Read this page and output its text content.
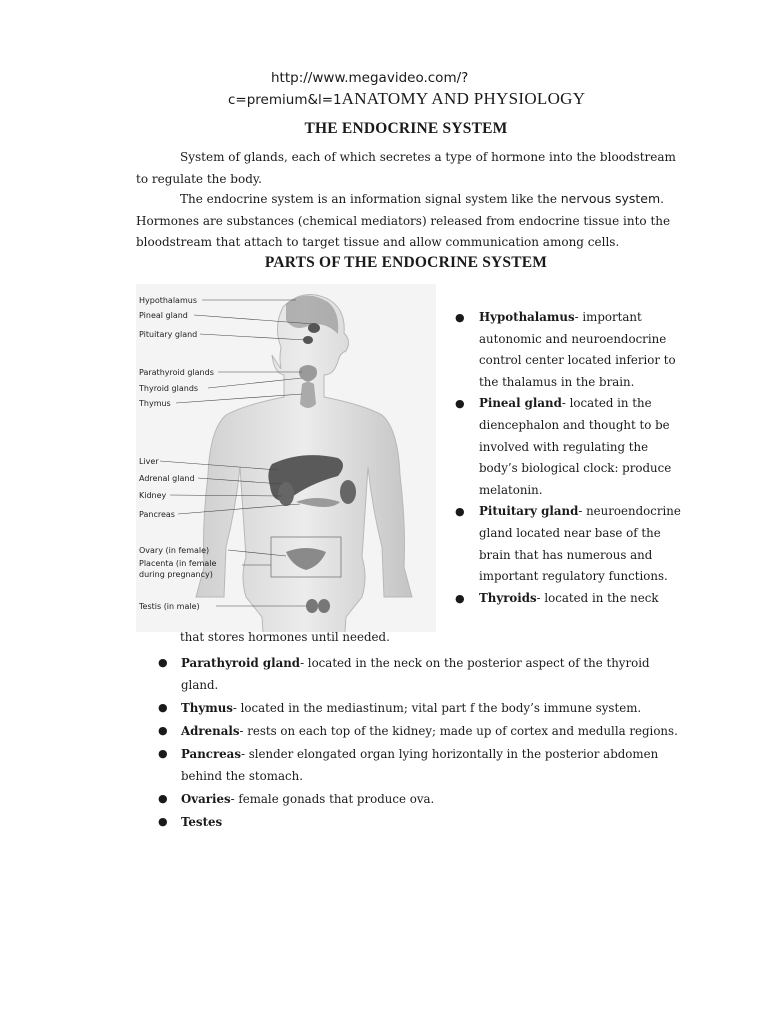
http://www.megavideo.com/?
c=premium&l=1ANATOMY AND PHYSIOLOGY
THE ENDOCRINE SYSTEM
System of glands, each of which secretes a type of hormone into the bloodstream to regulate the body.
The endocrine system is an information signal system like the nervous system. Hormones are substances (chemical mediators) released from endocrine tissue into the bloodstream that attach to target tissue and allow communication among cells.
PARTS OF THE ENDOCRINE SYSTEM
Hypothalamus
Pineal gland
Pituitary gland
Parathyroid glands
Thyroid glands
Thymus
Liver
Adrenal gland
Kidney
Pancreas
Ovary (in female)
Placenta (in female
during pregnancy)
Testis (in male)
● Hypothalamus- important autonomic and neuroendocrine control center located inferior to the thalamus in the brain.
● Pineal gland- located in the diencephalon and thought to be involved with regulating the body’s biological clock: produce melatonin.
● Pituitary gland- neuroendocrine gland located near base of the brain that has numerous and important regulatory functions.
● Thyroids- located in the neck
that stores hormones until needed.
● Parathyroid gland- located in the neck on the posterior aspect of the thyroid gland.
● Thymus- located in the mediastinum; vital part f the body’s immune system.
● Adrenals- rests on each top of the kidney; made up of cortex and medulla regions.
● Pancreas- slender elongated organ lying horizontally in the posterior abdomen behind the stomach.
● Ovaries- female gonads that produce ova.
● Testes
